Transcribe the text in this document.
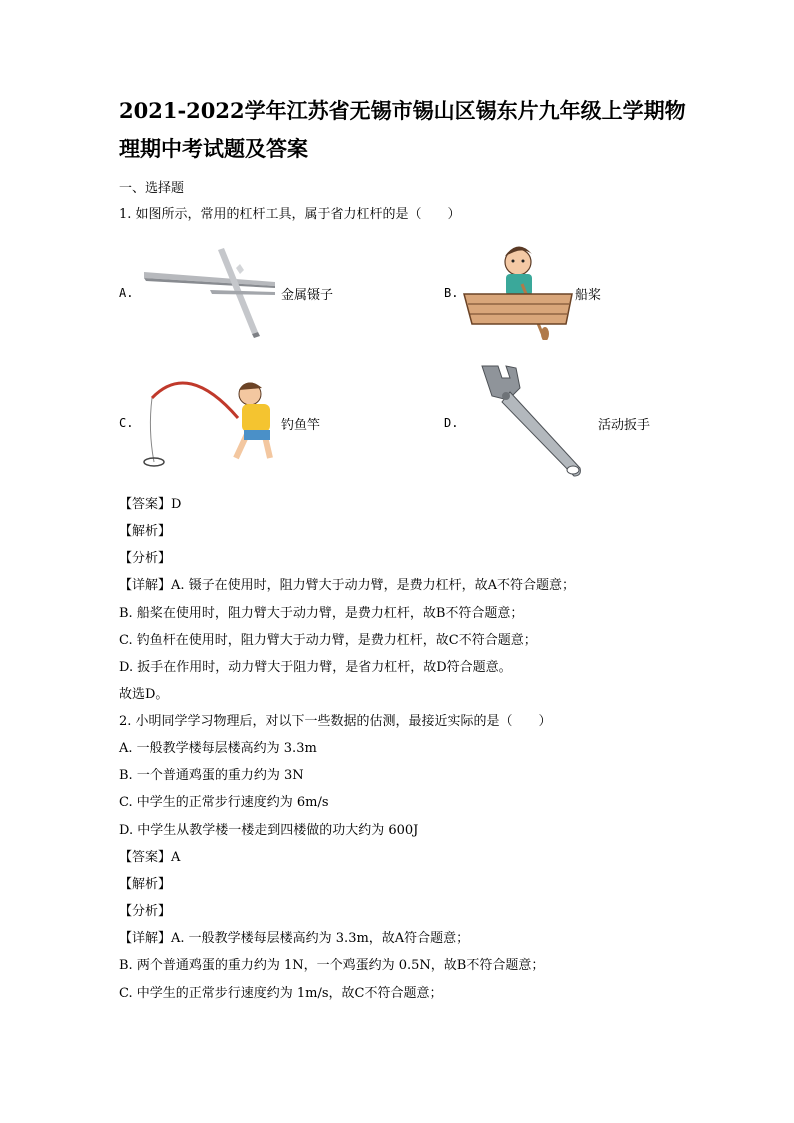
2021-2022学年江苏省无锡市锡山区锡东片九年级上学期物理期中考试题及答案
一、选择题
1. 如图所示，常用的杠杆工具，属于省力杠杆的是（　　）
A.	金属镊子	B.	船桨
C.	钓鱼竿	D.	活动扳手
【答案】D
【解析】
【分析】
【详解】A. 镊子在使用时，阻力臂大于动力臂，是费力杠杆，故A不符合题意；
B. 船桨在使用时，阻力臂大于动力臂，是费力杠杆，故B不符合题意；
C. 钓鱼杆在使用时，阻力臂大于动力臂，是费力杠杆，故C不符合题意；
D. 扳手在作用时，动力臂大于阻力臂，是省力杠杆，故D符合题意。
故选D。
2. 小明同学学习物理后，对以下一些数据的估测，最接近实际的是（　　）
A. 一般教学楼每层楼高约为 3.3m
B. 一个普通鸡蛋的重力约为 3N
C. 中学生的正常步行速度约为 6m/s
D. 中学生从教学楼一楼走到四楼做的功大约为 600J
【答案】A
【解析】
【分析】
【详解】A. 一般教学楼每层楼高约为 3.3m，故A符合题意；
B. 两个普通鸡蛋的重力约为 1N，一个鸡蛋约为 0.5N，故B不符合题意；
C. 中学生的正常步行速度约为 1m/s，故C不符合题意；
